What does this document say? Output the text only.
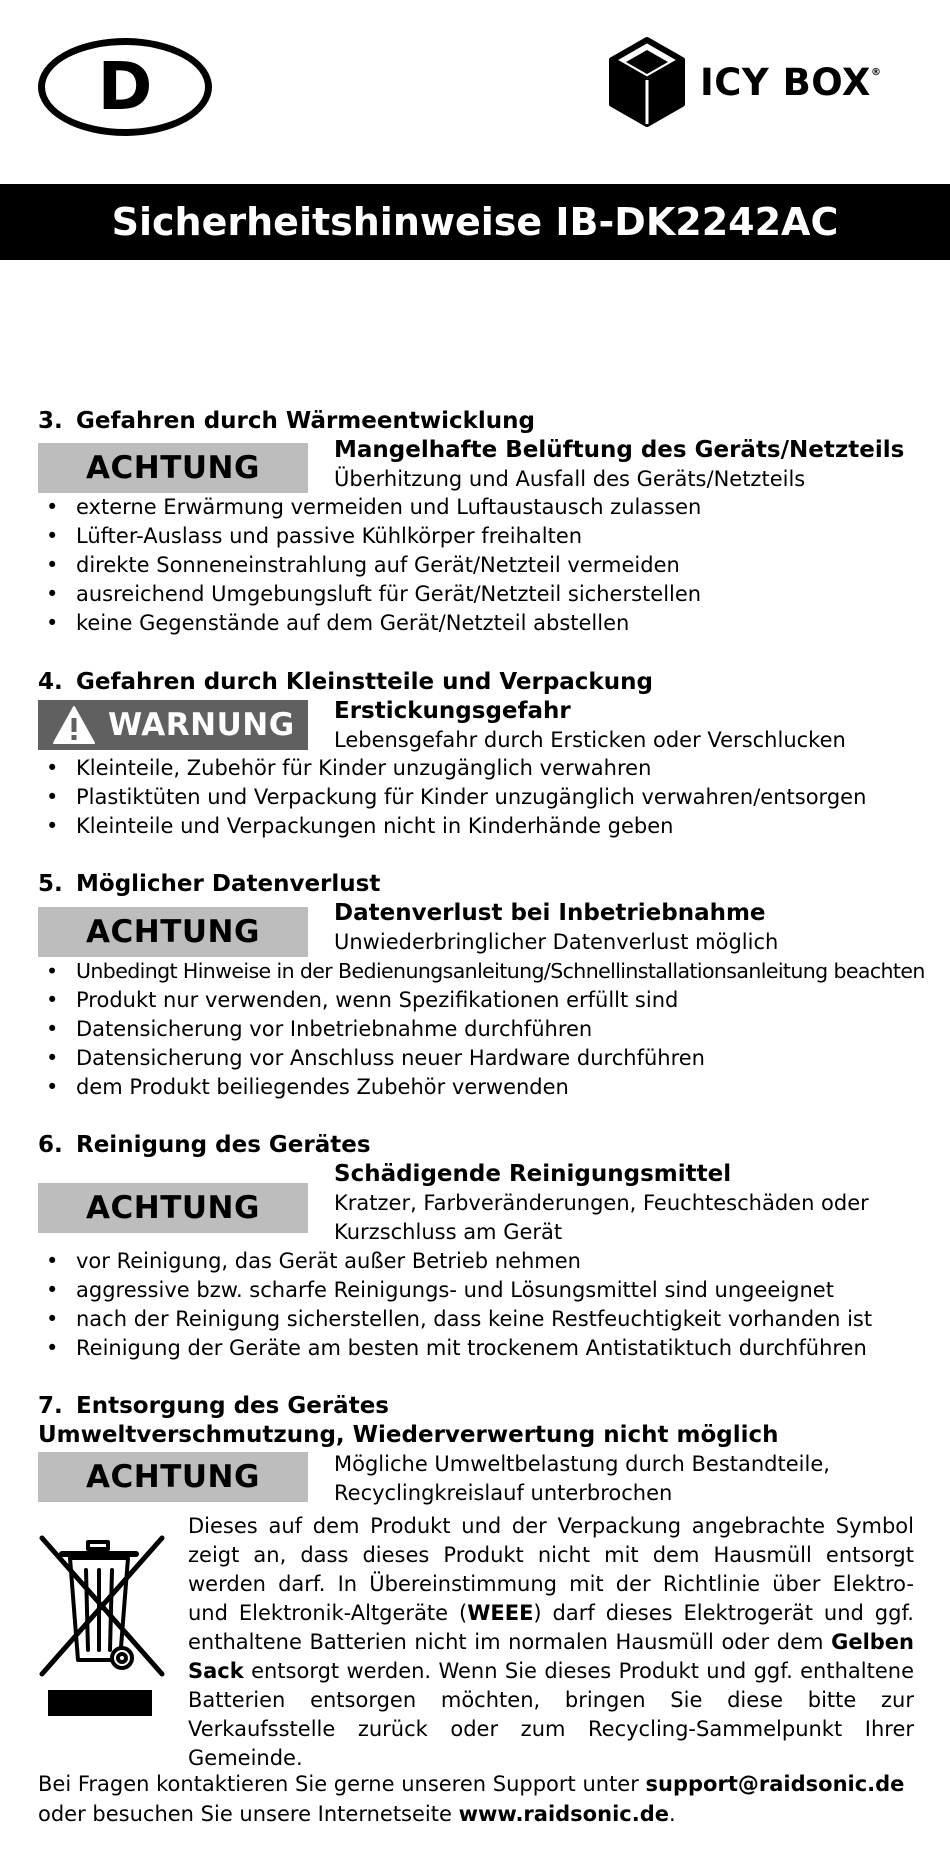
D	ICY BOX®
Sicherheitshinweise IB-DK2242AC
3. Gefahren durch Wärmeentwicklung
ACHTUNG	Mangelhafte Belüftung des Geräts/Netzteils
Überhitzung und Ausfall des Geräts/Netzteils
• externe Erwärmung vermeiden und Luftaustausch zulassen
• Lüfter-Auslass und passive Kühlkörper freihalten
• direkte Sonneneinstrahlung auf Gerät/Netzteil vermeiden
• ausreichend Umgebungsluft für Gerät/Netzteil sicherstellen
• keine Gegenstände auf dem Gerät/Netzteil abstellen
4. Gefahren durch Kleinstteile und Verpackung
WARNUNG Erstickungsgefahr
Lebensgefahr durch Ersticken oder Verschlucken
• Kleinteile, Zubehör für Kinder unzugänglich verwahren
• Plastiktüten und Verpackung für Kinder unzugänglich verwahren/entsorgen
• Kleinteile und Verpackungen nicht in Kinderhände geben
5. Möglicher Datenverlust
ACHTUNG
Datenverlust bei Inbetriebnahme
Unwiederbringlicher Datenverlust möglich
• Unbedingt Hinweise in der Bedienungsanleitung/Schnellinstallationsanleitung beachten
• Produkt nur verwenden, wenn Spezifikationen erfüllt sind
• Datensicherung vor Inbetriebnahme durchführen
• Datensicherung vor Anschluss neuer Hardware durchführen
• dem Produkt beiliegendes Zubehör verwenden
6. Reinigung des Gerätes
ACHTUNG
Schädigende Reinigungsmittel
Kratzer, Farbveränderungen, Feuchteschäden oder
Kurzschluss am Gerät
• vor Reinigung, das Gerät außer Betrieb nehmen
• aggressive bzw. scharfe Reinigungs- und Lösungsmittel sind ungeeignet
• nach der Reinigung sicherstellen, dass keine Restfeuchtigkeit vorhanden ist
• Reinigung der Geräte am besten mit trockenem Antistatiktuch durchführen
7. Entsorgung des Gerätes
Umweltverschmutzung, Wiederverwertung nicht möglich
ACHTUNG	Mögliche Umweltbelastung durch Bestandteile,
Recyclingkreislauf unterbrochen
Dieses auf dem Produkt und der Verpackung angebrachte Symbol zeigt an, dass dieses Produkt nicht mit dem Hausmüll entsorgt werden darf. In Übereinstimmung mit der Richtlinie über Elektro- und Elektronik-Altgeräte (WEEE) darf dieses Elektrogerät und ggf. enthaltene Batterien nicht im normalen Hausmüll oder dem Gelben Sack entsorgt werden. Wenn Sie dieses Produkt und ggf. enthaltene Batterien entsorgen möchten, bringen Sie diese bitte zur Verkaufsstelle zurück oder zum Recycling-Sammelpunkt Ihrer Gemeinde.
Bei Fragen kontaktieren Sie gerne unseren Support unter support@raidsonic.de
oder besuchen Sie unsere Internetseite www.raidsonic.de.
